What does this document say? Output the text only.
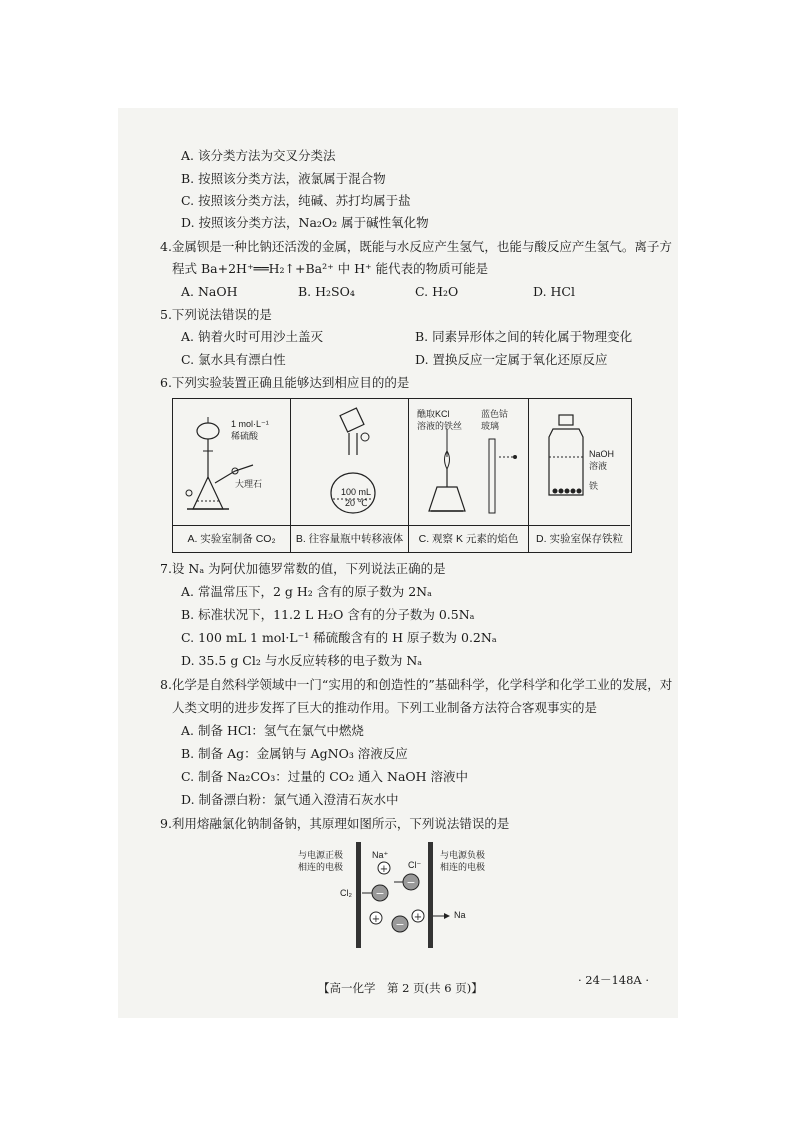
A. 该分类方法为交叉分类法
B. 按照该分类方法，液氯属于混合物
C. 按照该分类方法，纯碱、苏打均属于盐
D. 按照该分类方法，Na₂O₂ 属于碱性氧化物
4.金属钡是一种比钠还活泼的金属，既能与水反应产生氢气，也能与酸反应产生氢气。离子方
程式 Ba+2H⁺══H₂↑+Ba²⁺ 中 H⁺ 能代表的物质可能是
A. NaOH	B. H₂SO₄	C. H₂O	D. HCl
5.下列说法错误的是
A. 钠着火时可用沙土盖灭	B. 同素异形体之间的转化属于物理变化
C. 氯水具有漂白性	D. 置换反应一定属于氧化还原反应
6.下列实验装置正确且能够达到相应目的的是
1 mol·L⁻¹
稀硫酸
大理石
A. 实验室制备 CO₂
100 mL
20 ℃
B. 往容量瓶中转移液体
醮取KCl
溶液的铁丝
蓝色钴
玻璃
C. 观察 K 元素的焰色
NaOH
溶液
铁
D. 实验室保存铁粒
7.设 Nₐ 为阿伏加德罗常数的值，下列说法正确的是
A. 常温常压下，2 g H₂ 含有的原子数为 2Nₐ
B. 标准状况下，11.2 L H₂O 含有的分子数为 0.5Nₐ
C. 100 mL 1 mol·L⁻¹ 稀硫酸含有的 H 原子数为 0.2Nₐ
D. 35.5 g Cl₂ 与水反应转移的电子数为 Nₐ
8.化学是自然科学领域中一门“实用的和创造性的”基础科学，化学科学和化学工业的发展，对
人类文明的进步发挥了巨大的推动作用。下列工业制备方法符合客观事实的是
A. 制备 HCl：氢气在氯气中燃烧
B. 制备 Ag：金属钠与 AgNO₃ 溶液反应
C. 制备 Na₂CO₃：过量的 CO₂ 通入 NaOH 溶液中
D. 制备漂白粉：氯气通入澄清石灰水中
9.利用熔融氯化钠制备钠，其原理如图所示，下列说法错误的是
+
−
−
+ −
+
与电源正极
相连的电极
与电源负极
相连的电极
Na⁺
Cl⁻
Cl₂
Na
【高一化学　第 2 页(共 6 页)】
· 24－148A ·
